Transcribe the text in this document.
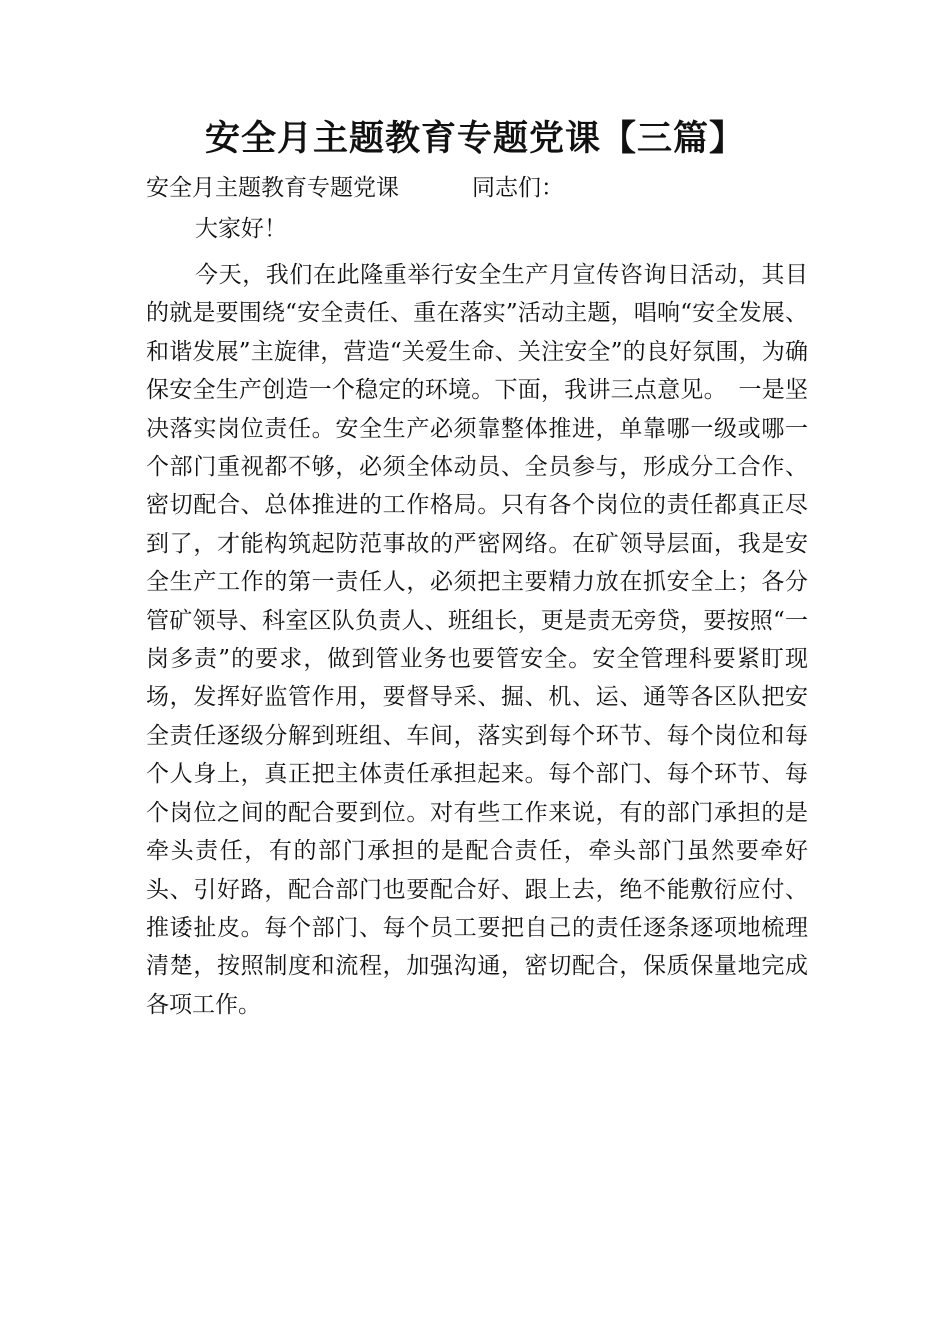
安全月主题教育专题党课【三篇】

安全月主题教育专题党课	同志们：

大家好！

今天，我们在此隆重举行安全生产月宣传咨询日活动，其目的就是要围绕“安全责任、重在落实”活动主题，唱响“安全发展、和谐发展”主旋律，营造“关爱生命、关注安全”的良好氛围，为确保安全生产创造一个稳定的环境。下面，我讲三点意见。　一是坚决落实岗位责任。安全生产必须靠整体推进，单靠哪一级或哪一个部门重视都不够，必须全体动员、全员参与，形成分工合作、密切配合、总体推进的工作格局。只有各个岗位的责任都真正尽到了，才能构筑起防范事故的严密网络。在矿领导层面，我是安全生产工作的第一责任人，必须把主要精力放在抓安全上；各分管矿领导、科室区队负责人、班组长，更是责无旁贷，要按照“一岗多责”的要求，做到管业务也要管安全。安全管理科要紧盯现场，发挥好监管作用，要督导采、掘、机、运、通等各区队把安全责任逐级分解到班组、车间，落实到每个环节、每个岗位和每个人身上，真正把主体责任承担起来。每个部门、每个环节、每个岗位之间的配合要到位。对有些工作来说，有的部门承担的是牵头责任，有的部门承担的是配合责任，牵头部门虽然要牵好头、引好路，配合部门也要配合好、跟上去，绝不能敷衍应付、推诿扯皮。每个部门、每个员工要把自己的责任逐条逐项地梳理清楚，按照制度和流程，加强沟通，密切配合，保质保量地完成各项工作。
